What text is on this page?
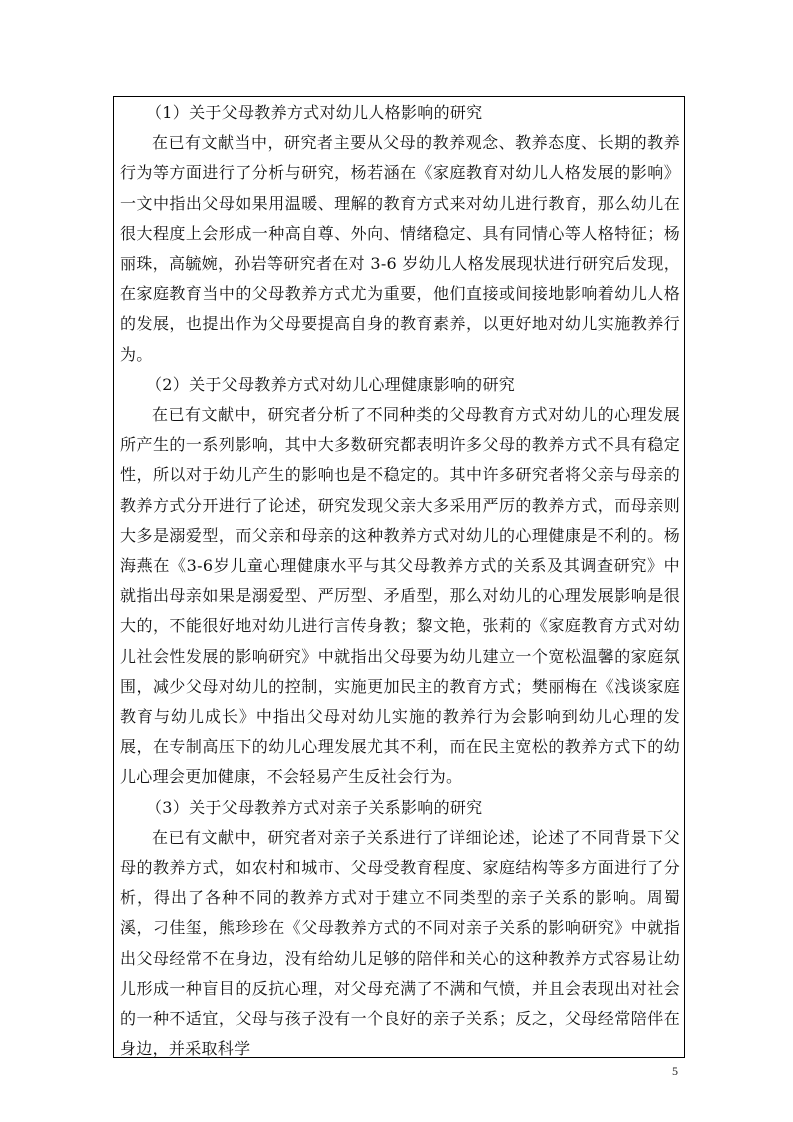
（1）关于父母教养方式对幼儿人格影响的研究

在已有文献当中，研究者主要从父母的教养观念、教养态度、长期的教养行为等方面进行了分析与研究，杨若涵在《家庭教育对幼儿人格发展的影响》一文中指出父母如果用温暖、理解的教育方式来对幼儿进行教育，那么幼儿在很大程度上会形成一种高自尊、外向、情绪稳定、具有同情心等人格特征；杨丽珠，高毓婉，孙岩等研究者在对 3-6 岁幼儿人格发展现状进行研究后发现，在家庭教育当中的父母教养方式尤为重要，他们直接或间接地影响着幼儿人格的发展，也提出作为父母要提高自身的教育素养，以更好地对幼儿实施教养行为。

（2）关于父母教养方式对幼儿心理健康影响的研究

在已有文献中，研究者分析了不同种类的父母教育方式对幼儿的心理发展所产生的一系列影响，其中大多数研究都表明许多父母的教养方式不具有稳定性，所以对于幼儿产生的影响也是不稳定的。其中许多研究者将父亲与母亲的教养方式分开进行了论述，研究发现父亲大多采用严厉的教养方式，而母亲则大多是溺爱型，而父亲和母亲的这种教养方式对幼儿的心理健康是不利的。杨海燕在《3-6岁儿童心理健康水平与其父母教养方式的关系及其调查研究》中就指出母亲如果是溺爱型、严厉型、矛盾型，那么对幼儿的心理发展影响是很大的，不能很好地对幼儿进行言传身教；黎文艳，张莉的《家庭教育方式对幼儿社会性发展的影响研究》中就指出父母要为幼儿建立一个宽松温馨的家庭氛围，减少父母对幼儿的控制，实施更加民主的教育方式；樊丽梅在《浅谈家庭教育与幼儿成长》中指出父母对幼儿实施的教养行为会影响到幼儿心理的发展，在专制高压下的幼儿心理发展尤其不利，而在民主宽松的教养方式下的幼儿心理会更加健康，不会轻易产生反社会行为。

（3）关于父母教养方式对亲子关系影响的研究

在已有文献中，研究者对亲子关系进行了详细论述，论述了不同背景下父母的教养方式，如农村和城市、父母受教育程度、家庭结构等多方面进行了分析，得出了各种不同的教养方式对于建立不同类型的亲子关系的影响。周蜀溪，刁佳玺，熊珍珍在《父母教养方式的不同对亲子关系的影响研究》中就指出父母经常不在身边，没有给幼儿足够的陪伴和关心的这种教养方式容易让幼儿形成一种盲目的反抗心理，对父母充满了不满和气愤，并且会表现出对社会的一种不适宜，父母与孩子没有一个良好的亲子关系；反之，父母经常陪伴在身边，并采取科学

5
